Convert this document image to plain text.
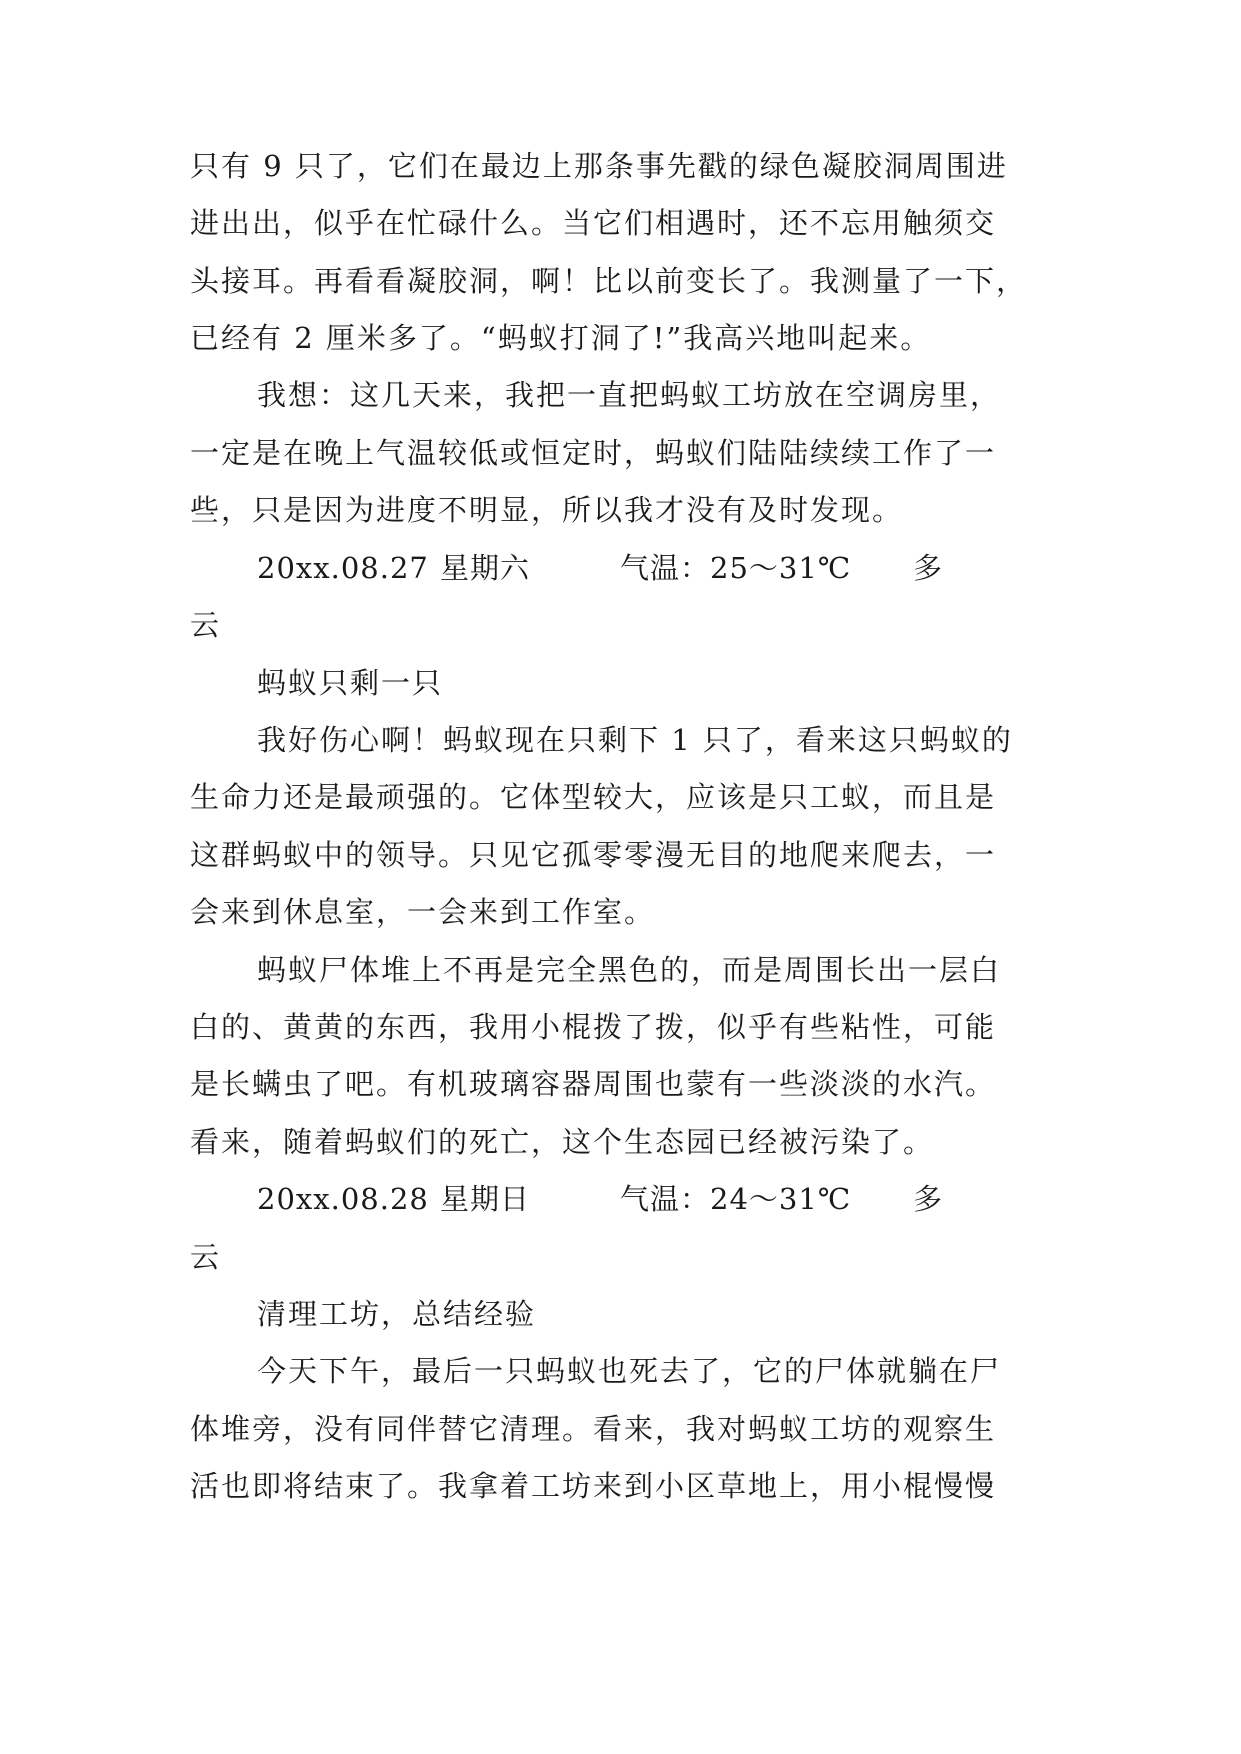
只有 9 只了，它们在最边上那条事先戳的绿色凝胶洞周围进
进出出，似乎在忙碌什么。当它们相遇时，还不忘用触须交
头接耳。再看看凝胶洞，啊！比以前变长了。我测量了一下，
已经有 2 厘米多了。“蚂蚁打洞了!”我高兴地叫起来。
我想：这几天来，我把一直把蚂蚁工坊放在空调房里，
一定是在晚上气温较低或恒定时，蚂蚁们陆陆续续工作了一
些，只是因为进度不明显，所以我才没有及时发现。
20xx.08.27 星期六	气温：25～31℃ 多
云
蚂蚁只剩一只
我好伤心啊！蚂蚁现在只剩下 1 只了，看来这只蚂蚁的
生命力还是最顽强的。它体型较大，应该是只工蚁，而且是
这群蚂蚁中的领导。只见它孤零零漫无目的地爬来爬去，一
会来到休息室，一会来到工作室。
蚂蚁尸体堆上不再是完全黑色的，而是周围长出一层白
白的、黄黄的东西，我用小棍拨了拨，似乎有些粘性，可能
是长螨虫了吧。有机玻璃容器周围也蒙有一些淡淡的水汽。
看来，随着蚂蚁们的死亡，这个生态园已经被污染了。
20xx.08.28 星期日	气温：24～31℃ 多
云
清理工坊，总结经验
今天下午，最后一只蚂蚁也死去了，它的尸体就躺在尸
体堆旁，没有同伴替它清理。看来，我对蚂蚁工坊的观察生
活也即将结束了。我拿着工坊来到小区草地上，用小棍慢慢
